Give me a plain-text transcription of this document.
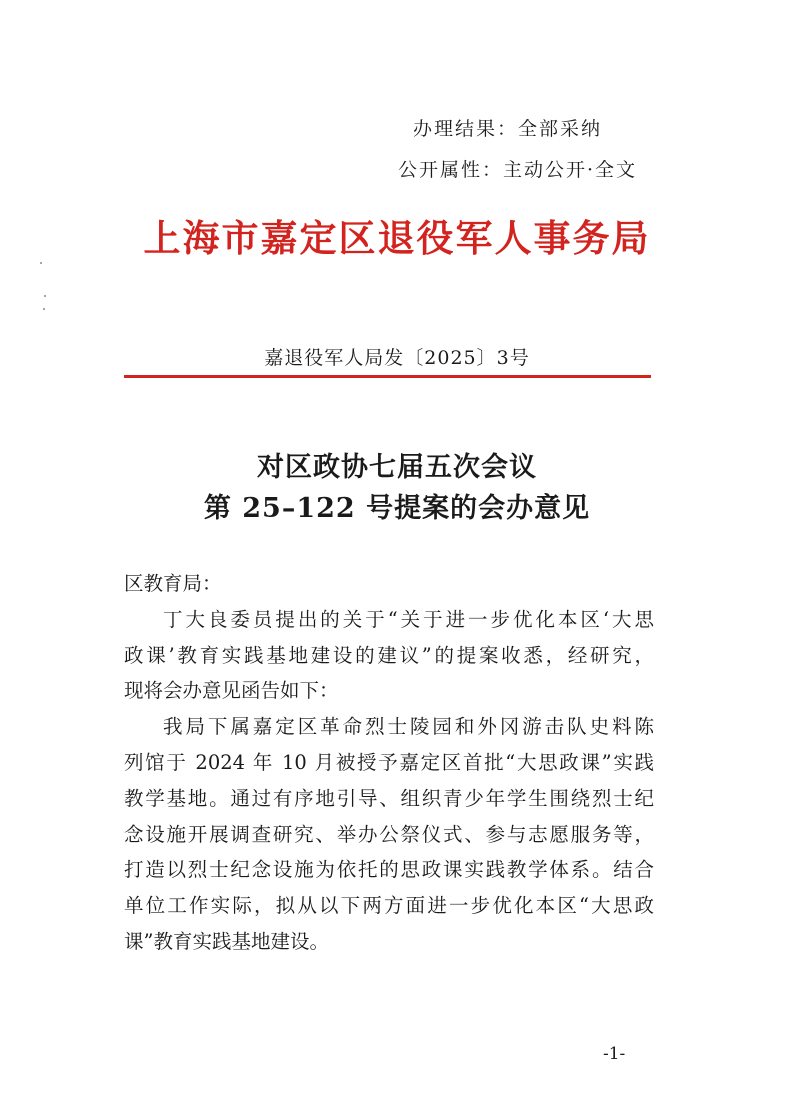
办理结果：全部采纳
公开属性：主动公开·全文
上海市嘉定区退役军人事务局
嘉退役军人局发〔2025〕3号
对区政协七届五次会议
第 25–122 号提案的会办意见
区教育局：
丁大良委员提出的关于“关于进一步优化本区‘大思
政课’教育实践基地建设的建议”的提案收悉，经研究，
现将会办意见函告如下：
我局下属嘉定区革命烈士陵园和外冈游击队史料陈
列馆于 2024 年 10 月被授予嘉定区首批“大思政课”实践
教学基地。通过有序地引导、组织青少年学生围绕烈士纪
念设施开展调查研究、举办公祭仪式、参与志愿服务等，
打造以烈士纪念设施为依托的思政课实践教学体系。结合
单位工作实际，拟从以下两方面进一步优化本区“大思政
课”教育实践基地建设。
-1-
